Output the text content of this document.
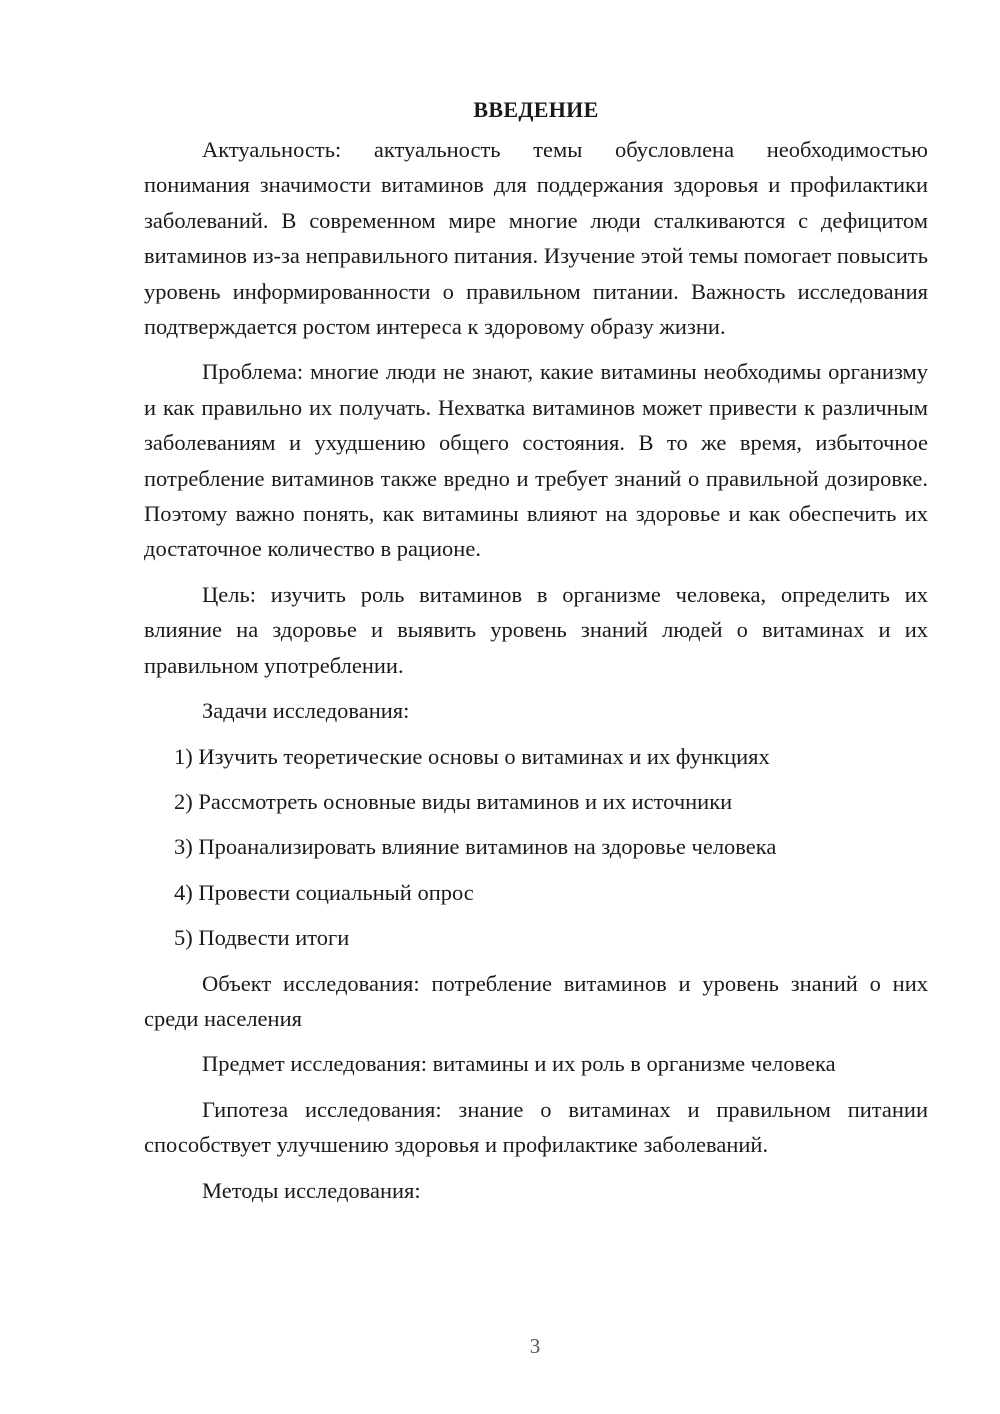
ВВЕДЕНИЕ

Актуальность: актуальность темы обусловлена необходимостью понимания значимости витаминов для поддержания здоровья и профилактики заболеваний. В современном мире многие люди сталкиваются с дефицитом витаминов из-за неправильного питания. Изучение этой темы помогает повысить уровень информированности о правильном питании. Важность исследования подтверждается ростом интереса к здоровому образу жизни.

Проблема: многие люди не знают, какие витамины необходимы организму и как правильно их получать. Нехватка витаминов может привести к различным заболеваниям и ухудшению общего состояния. В то же время, избыточное потребление витаминов также вредно и требует знаний о правильной дозировке. Поэтому важно понять, как витамины влияют на здоровье и как обеспечить их достаточное количество в рационе.

Цель: изучить роль витаминов в организме человека, определить их влияние на здоровье и выявить уровень знаний людей о витаминах и их правильном употреблении.

Задачи исследования:
1) Изучить теоретические основы о витаминах и их функциях
2) Рассмотреть основные виды витаминов и их источники
3) Проанализировать влияние витаминов на здоровье человека
4) Провести социальный опрос
5) Подвести итоги

Объект исследования: потребление витаминов и уровень знаний о них среди населения

Предмет исследования: витамины и их роль в организме человека

Гипотеза исследования: знание о витаминах и правильном питании способствует улучшению здоровья и профилактике заболеваний.

Методы исследования:
3
